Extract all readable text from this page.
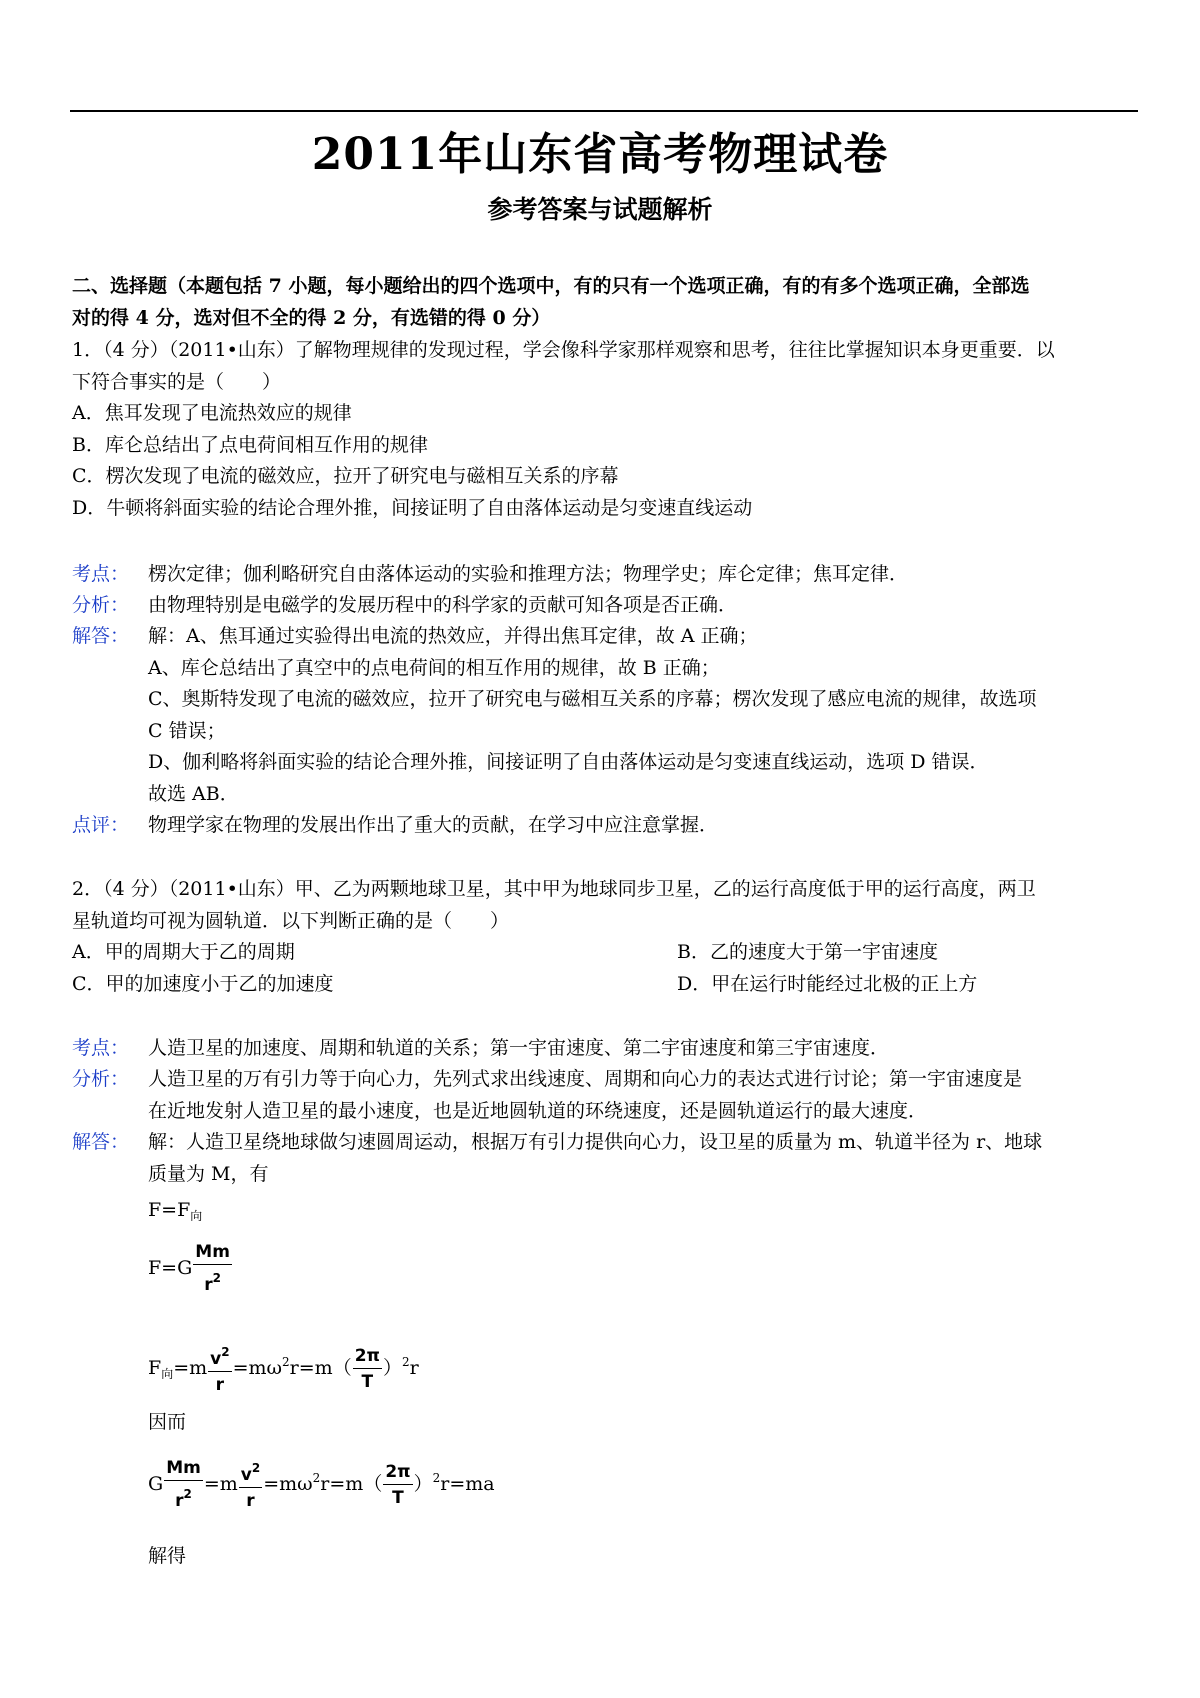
2011年山东省高考物理试卷
参考答案与试题解析
二、选择题（本题包括 7 小题，每小题给出的四个选项中，有的只有一个选项正确，有的有多个选项正确，全部选
对的得 4 分，选对但不全的得 2 分，有选错的得 0 分）
1．（4 分）（2011•山东）了解物理规律的发现过程，学会像科学家那样观察和思考，往往比掌握知识本身更重要．以
下符合事实的是（　　）
A．焦耳发现了电流热效应的规律
B．库仑总结出了点电荷间相互作用的规律
C．楞次发现了电流的磁效应，拉开了研究电与磁相互关系的序幕
D．牛顿将斜面实验的结论合理外推，间接证明了自由落体运动是匀变速直线运动
考点： 楞次定律；伽利略研究自由落体运动的实验和推理方法；物理学史；库仑定律；焦耳定律．
分析： 由物理特别是电磁学的发展历程中的科学家的贡献可知各项是否正确．
解答： 解：A、焦耳通过实验得出电流的热效应，并得出焦耳定律，故 A 正确；
A、库仑总结出了真空中的点电荷间的相互作用的规律，故 B 正确；
C、奥斯特发现了电流的磁效应，拉开了研究电与磁相互关系的序幕；楞次发现了感应电流的规律，故选项
C 错误；
D、伽利略将斜面实验的结论合理外推，间接证明了自由落体运动是匀变速直线运动，选项 D 错误．
故选 AB．
点评： 物理学家在物理的发展出作出了重大的贡献，在学习中应注意掌握．
2．（4 分）（2011•山东）甲、乙为两颗地球卫星，其中甲为地球同步卫星，乙的运行高度低于甲的运行高度，两卫
星轨道均可视为圆轨道．以下判断正确的是（　　）
A．甲的周期大于乙的周期	B．乙的速度大于第一宇宙速度
C．甲的加速度小于乙的加速度	D．甲在运行时能经过北极的正上方
考点： 人造卫星的加速度、周期和轨道的关系；第一宇宙速度、第二宇宙速度和第三宇宙速度．
分析： 人造卫星的万有引力等于向心力，先列式求出线速度、周期和向心力的表达式进行讨论；第一宇宙速度是
在近地发射人造卫星的最小速度，也是近地圆轨道的环绕速度，还是圆轨道运行的最大速度．
解答： 解：人造卫星绕地球做匀速圆周运动，根据万有引力提供向心力，设卫星的质量为 m、轨道半径为 r、地球
质量为 M，有
$F=F_向$
$F=G \frac{Mm}{r^2}$
$F_向=m \frac{v^2}{r} =m\omega^2r=m( \frac{2\pi}{T} )^2r$
因而
G $\frac{Mm}{r^2} =m \frac{v^2}{r} =m\omega^2r=m( \frac{2\pi}{T} )^2r=ma$
解得
